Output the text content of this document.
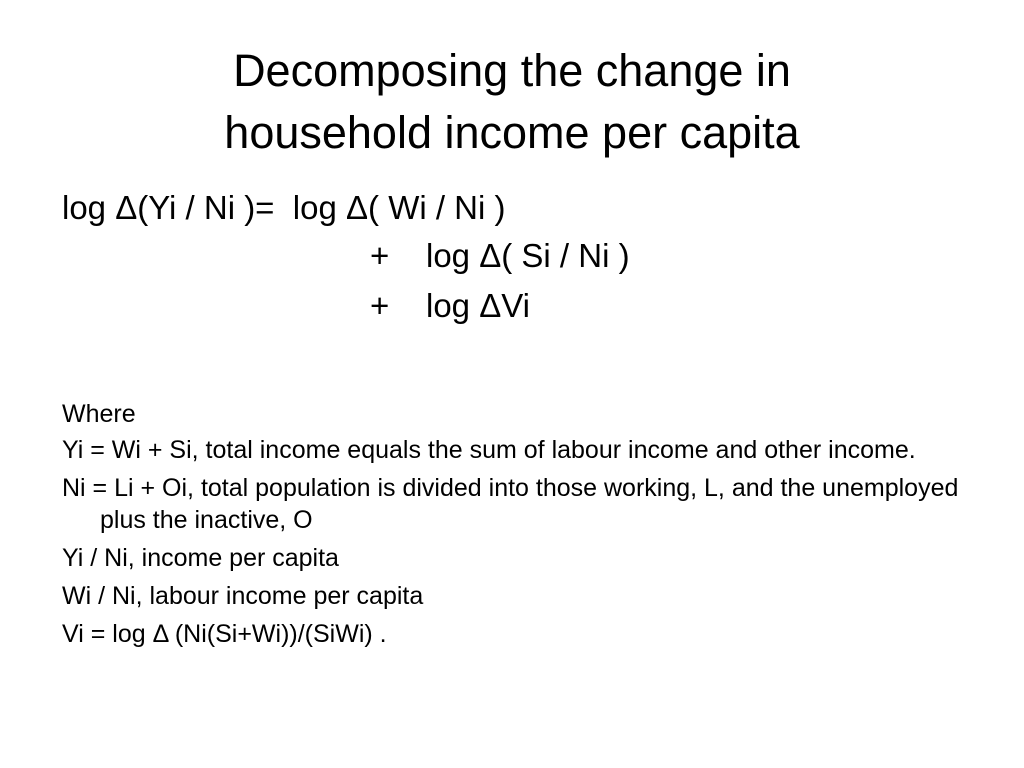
Decomposing the change in
household income per capita
log Δ(Yi / Ni )=  log Δ( Wi / Ni )
+ log Δ( Si / Ni )
+ log ΔVi

Where

Yi = Wi + Si, total income equals the sum of labour income and other income.

Ni = Li + Oi, total population is divided into those working, L, and the unemployed plus the inactive, O

Yi / Ni, income per capita

Wi / Ni, labour income per capita

Vi = log Δ (Ni(Si+Wi))/(SiWi) .
